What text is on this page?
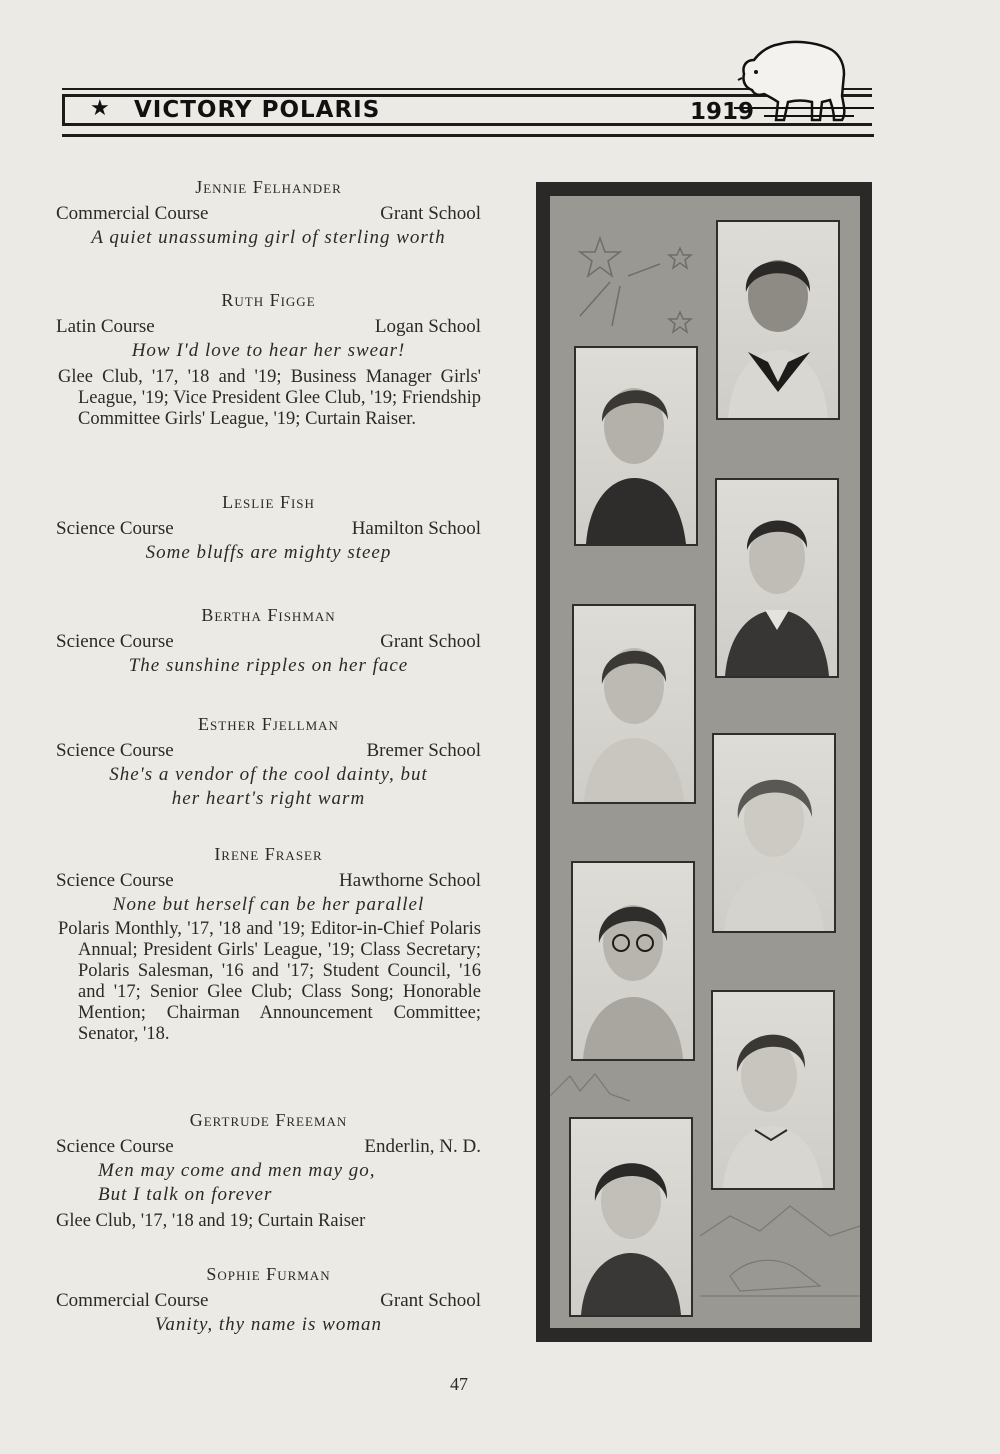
★ VICTORY POLARIS	1919
Jennie Felhander
Commercial Course	Grant School
A quiet unassuming girl of sterling worth
Ruth Figge
Latin Course	Logan School
How I'd love to hear her swear!
Glee Club, '17, '18 and '19; Business Manager Girls' League, '19; Vice President Glee Club, '19; Friendship Committee Girls' League, '19; Curtain Raiser.
Leslie Fish
Science Course	Hamilton School
Some bluffs are mighty steep
Bertha Fishman
Science Course	Grant School
The sunshine ripples on her face
Esther Fjellman
Science Course	Bremer School
She's a vendor of the cool dainty, but
her heart's right warm
Irene Fraser
Science Course	Hawthorne School
None but herself can be her parallel
Polaris Monthly, '17, '18 and '19; Editor-in-Chief Polaris Annual; President Girls' League, '19; Class Secretary; Polaris Salesman, '16 and '17; Student Council, '16 and '17; Senior Glee Club; Class Song; Honorable Mention; Chairman Announcement Committee; Senator, '18.
Gertrude Freeman
Science Course	Enderlin, N. D.
Men may come and men may go,
But I talk on forever
Glee Club, '17, '18 and 19; Curtain Raiser
Sophie Furman
Commercial Course	Grant School
Vanity, thy name is woman
47
